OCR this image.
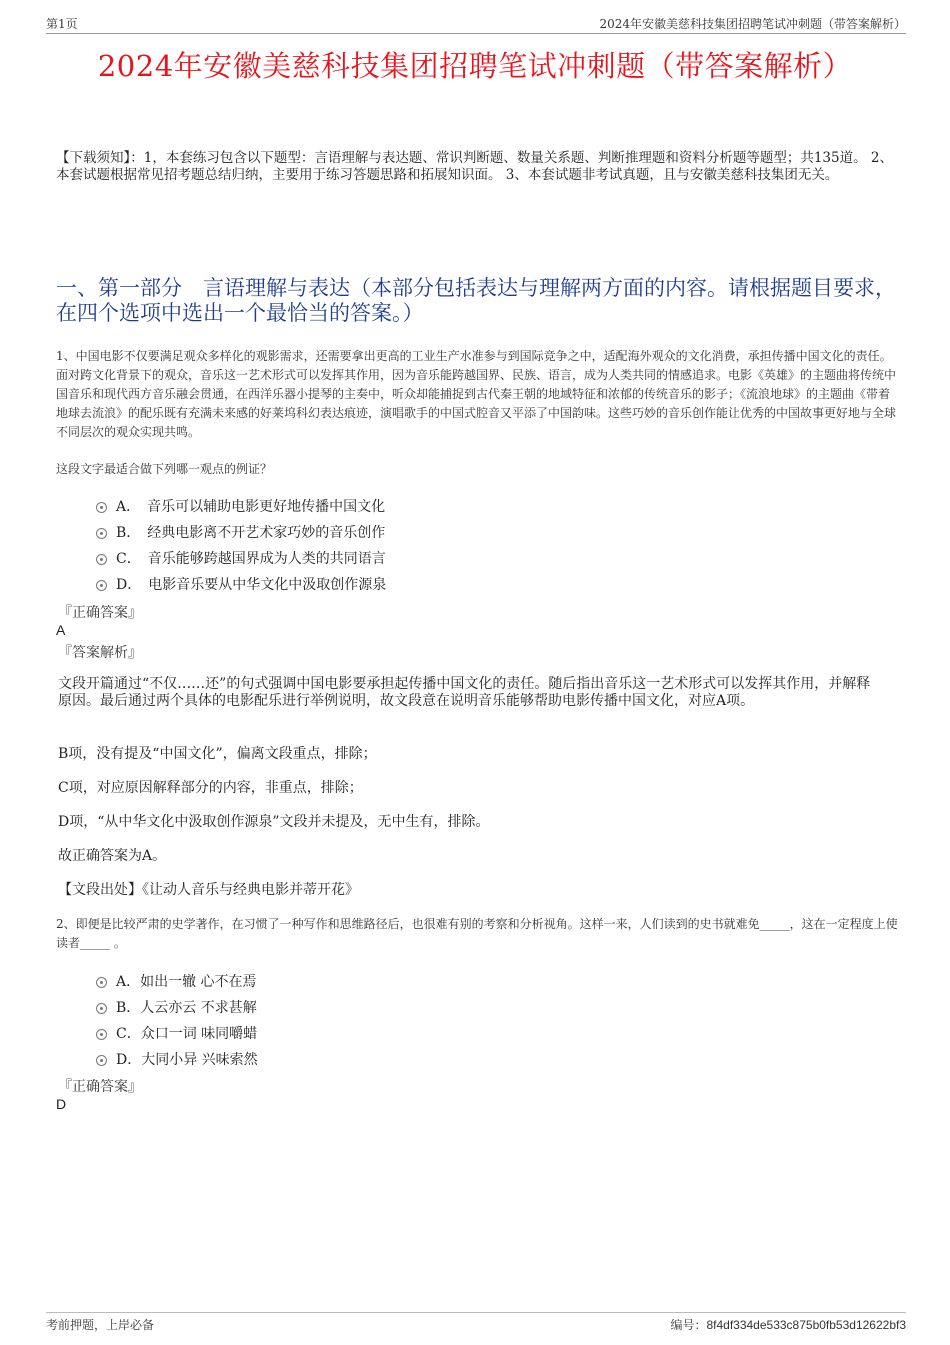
第1页	2024年安徽美慈科技集团招聘笔试冲刺题（带答案解析）
2024年安徽美慈科技集团招聘笔试冲刺题（带答案解析）
【下载须知】：1，本套练习包含以下题型：言语理解与表达题、常识判断题、数量关系题、判断推理题和资料分析题等题型；共135道。 2、本套试题根据常见招考题总结归纳，主要用于练习答题思路和拓展知识面。 3、本套试题非考试真题，且与安徽美慈科技集团无关。
一、第一部分　言语理解与表达（本部分包括表达与理解两方面的内容。请根据题目要求，在四个选项中选出一个最恰当的答案。）
1、中国电影不仅要满足观众多样化的观影需求，还需要拿出更高的工业生产水准参与到国际竞争之中，适配海外观众的文化消费，承担传播中国文化的责任。面对跨文化背景下的观众，音乐这一艺术形式可以发挥其作用，因为音乐能跨越国界、民族、语言，成为人类共同的情感追求。电影《英雄》的主题曲将传统中国音乐和现代西方音乐融会贯通，在西洋乐器小提琴的主奏中，听众却能捕捉到古代秦王朝的地域特征和浓郁的传统音乐的影子；《流浪地球》的主题曲《带着地球去流浪》的配乐既有充满未来感的好莱坞科幻表达痕迹，演唱歌手的中国式腔音又平添了中国韵味。这些巧妙的音乐创作能让优秀的中国故事更好地与全球不同层次的观众实现共鸣。
这段文字最适合做下列哪一观点的例证？
A．　音乐可以辅助电影更好地传播中国文化
B．　经典电影离不开艺术家巧妙的音乐创作
C．　音乐能够跨越国界成为人类的共同语言
D．　电影音乐要从中华文化中汲取创作源泉
『正确答案』
A
『答案解析』
文段开篇通过“不仅……还”的句式强调中国电影要承担起传播中国文化的责任。随后指出音乐这一艺术形式可以发挥其作用，并解释原因。最后通过两个具体的电影配乐进行举例说明，故文段意在说明音乐能够帮助电影传播中国文化，对应A项。
B项，没有提及“中国文化”，偏离文段重点，排除；
C项，对应原因解释部分的内容，非重点，排除；
D项，“从中华文化中汲取创作源泉”文段并未提及，无中生有，排除。
故正确答案为A。
【文段出处】《让动人音乐与经典电影并蒂开花》
2、即便是比较严肃的史学著作，在习惯了一种写作和思维路径后，也很难有别的考察和分析视角。这样一来，人们读到的史书就难免_____，这在一定程度上使读者_____ 。
A．如出一辙 心不在焉
B．人云亦云 不求甚解
C．众口一词 味同嚼蜡
D．大同小异 兴味索然
『正确答案』
D
考前押题，上岸必备	编号：8f4df334de533c875b0fb53d12622bf3
